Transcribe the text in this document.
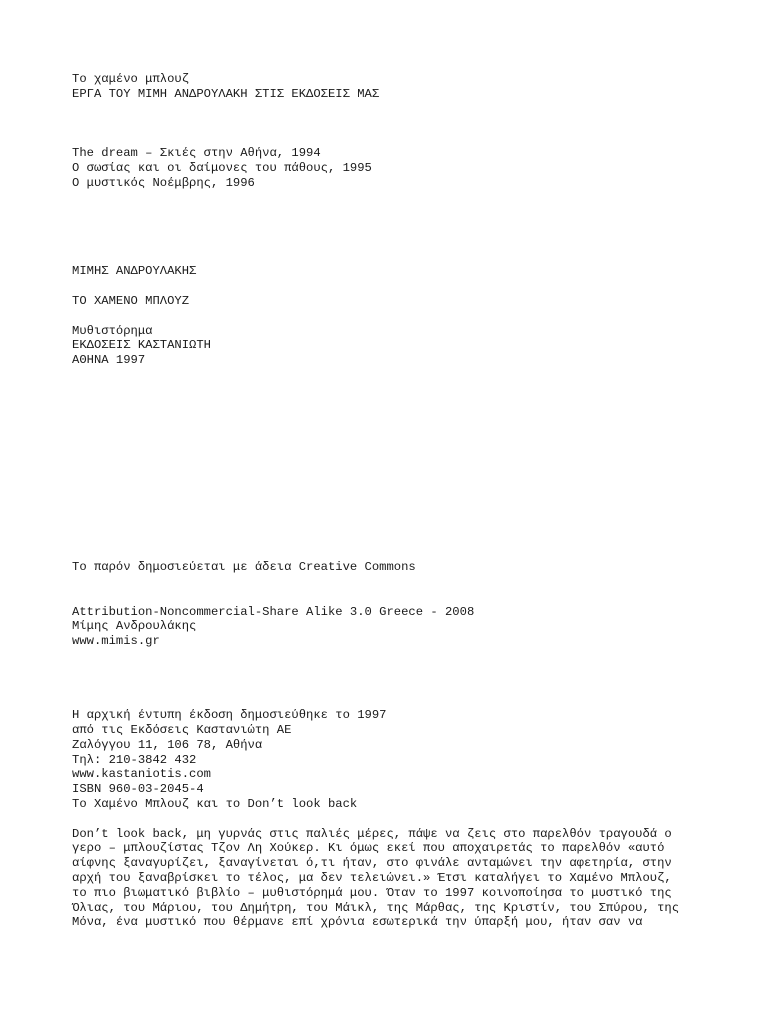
Το χαμένο μπλουζ
ΕΡΓΑ ΤΟΥ ΜΙΜΗ ΑΝΔΡΟΥΛΑΚΗ ΣΤΙΣ ΕΚΔΟΣΕΙΣ ΜΑΣ
The dream – Σκιές στην Αθήνα, 1994
Ο σωσίας και οι δαίμονες του πάθους, 1995
Ο μυστικός Νοέμβρης, 1996
ΜΙΜΗΣ ΑΝΔΡΟΥΛΑΚΗΣ
ΤΟ ΧΑΜΕΝΟ ΜΠΛΟΥΖ
Μυθιστόρημα
ΕΚΔΟΣΕΙΣ ΚΑΣΤΑΝΙΩΤΗ
ΑΘΗΝΑ 1997
Το παρόν δημοσιεύεται με άδεια Creative Commons
Attribution-Noncommercial-Share Alike 3.0 Greece - 2008
Μίμης Ανδρουλάκης
www.mimis.gr
Η αρχική έντυπη έκδοση δημοσιεύθηκε το 1997
από τις Εκδόσεις Καστανιώτη ΑΕ
Ζαλόγγου 11, 106 78, Αθήνα
Τηλ: 210-3842 432
www.kastaniotis.com
ISBN 960-03-2045-4
Το Χαμένο Μπλουζ και το Don’t look back
Don’t look back, μη γυρνάς στις παλιές μέρες, πάψε να ζεις στο παρελθόν τραγουδά ο
γερο – μπλουζίστας Τζον Λη Χούκερ. Κι όμως εκεί που αποχαιρετάς το παρελθόν «αυτό
αίφνης ξαναγυρίζει, ξαναγίνεται ό,τι ήταν, στο φινάλε ανταμώνει την αφετηρία, στην
αρχή του ξαναβρίσκει το τέλος, μα δεν τελειώνει.» Έτσι καταλήγει το Χαμένο Μπλουζ,
το πιο βιωματικό βιβλίο – μυθιστόρημά μου. Όταν το 1997 κοινοποίησα το μυστικό της
Όλιας, του Μάριου, του Δημήτρη, του Μάικλ, της Μάρθας, της Κριστίν, του Σπύρου, της
Μόνα, ένα μυστικό που θέρμανε επί χρόνια εσωτερικά την ύπαρξή μου, ήταν σαν να
